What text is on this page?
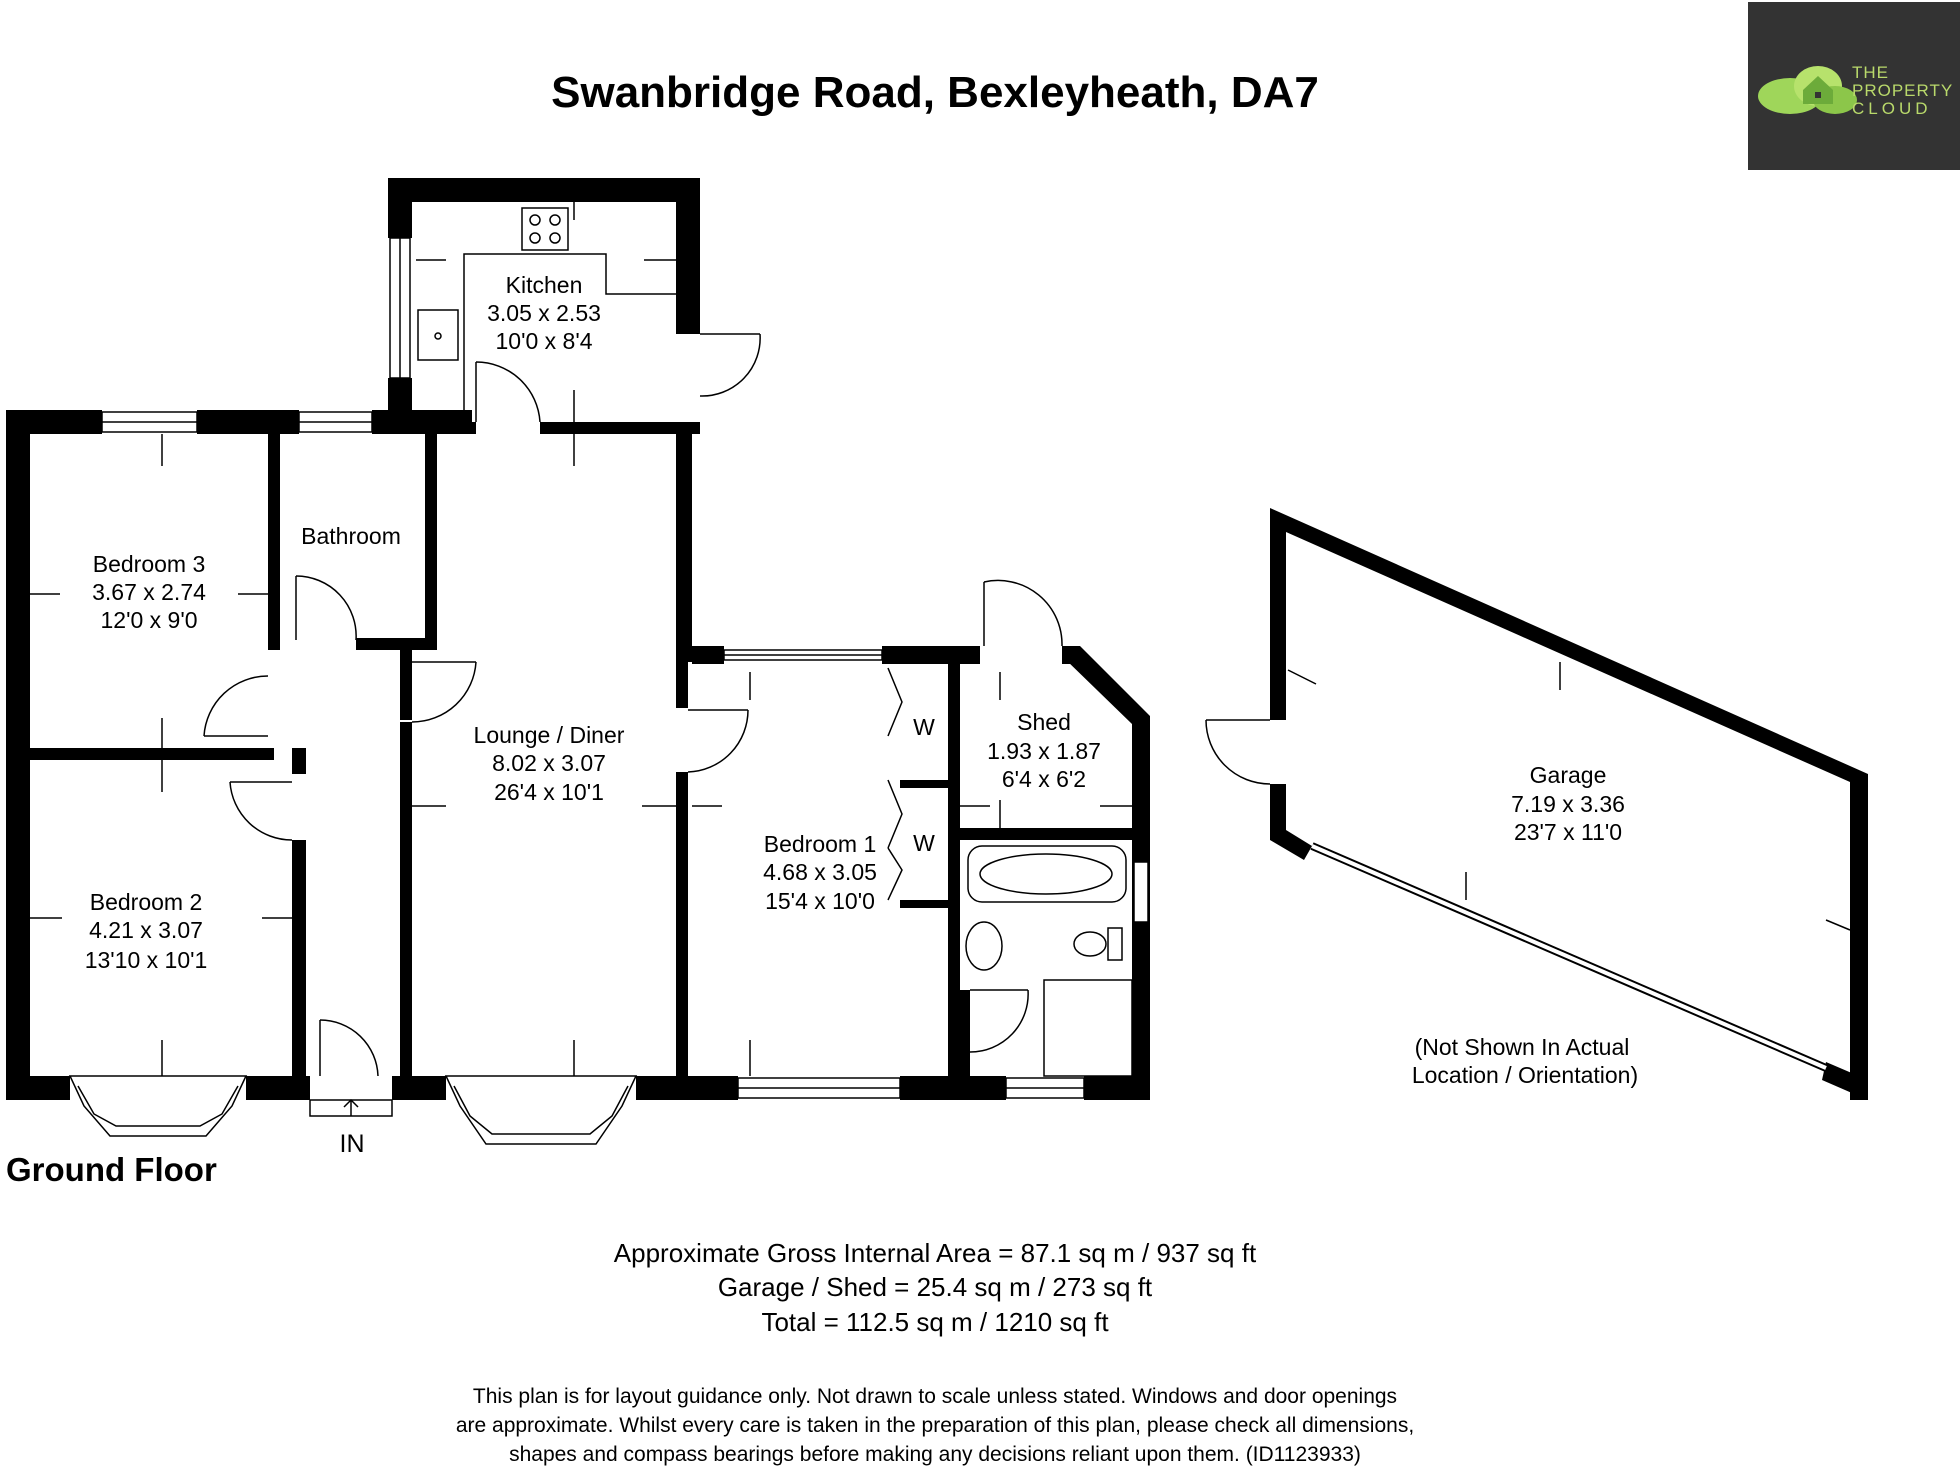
Swanbridge Road, Bexleyheath, DA7	THE
PROPERTY
CLOUD
Kitchen
3.05 x 2.53
10'0 x 8'4
Bathroom
Bedroom 3
3.67 x 2.74
12'0 x 9'0
Bedroom 2
4.21 x 3.07
13'10 x 10'1
Lounge / Diner
8.02 x 3.07
26'4 x 10'1
Bedroom 1
4.68 x 3.05
15'4 x 10'0
W
W
Shed
1.93 x 1.87
6'4 x 6'2	Garage
7.19 x 3.36
23'7 x 11'0
(Not Shown In Actual
Location / Orientation)
IN
Ground Floor
Approximate Gross Internal Area = 87.1 sq m / 937 sq ft
Garage / Shed = 25.4 sq m / 273 sq ft
Total = 112.5 sq m / 1210 sq ft
This plan is for layout guidance only. Not drawn to scale unless stated. Windows and door openings
are approximate. Whilst every care is taken in the preparation of this plan, please check all dimensions,
shapes and compass bearings before making any decisions reliant upon them. (ID1123933)
